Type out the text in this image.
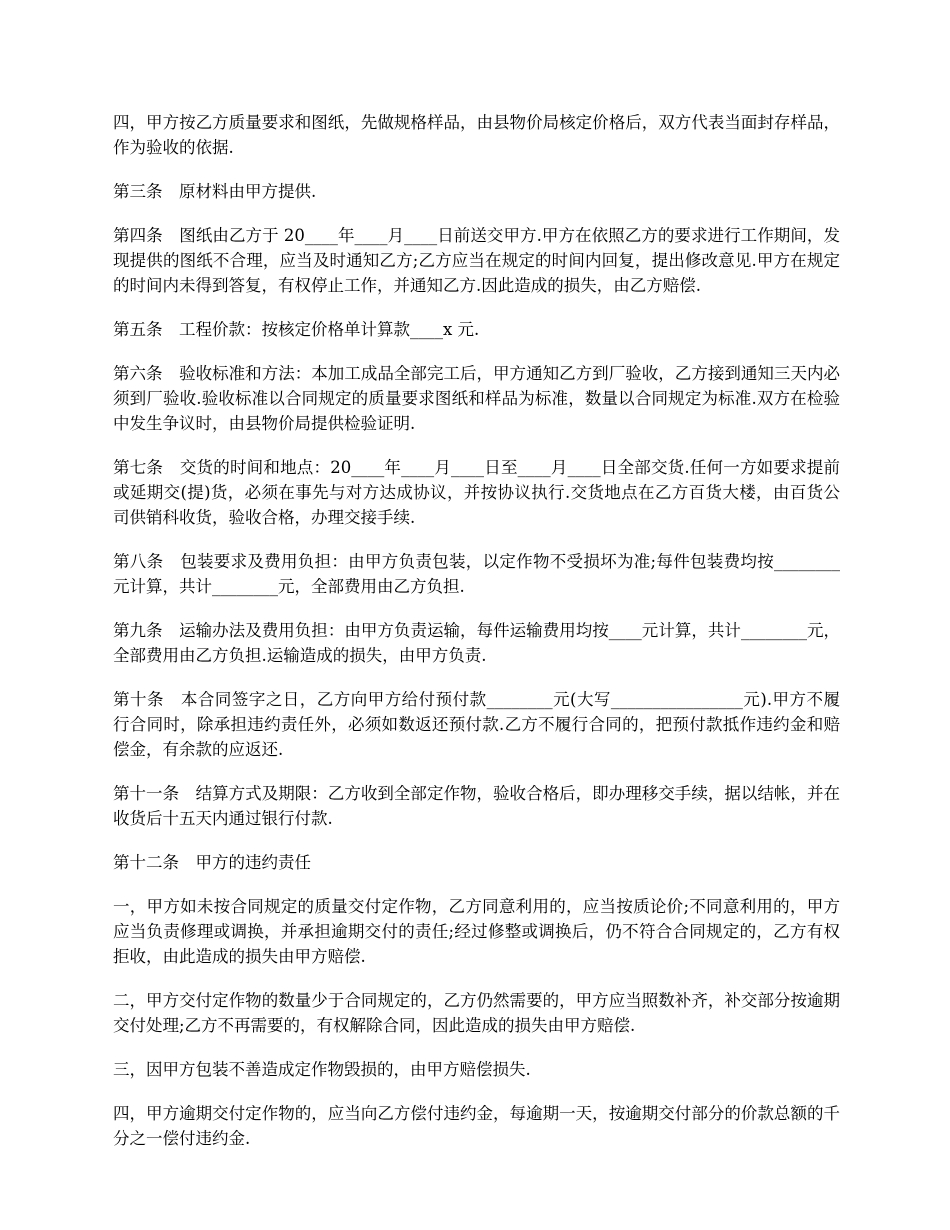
四，甲方按乙方质量要求和图纸，先做规格样品，由县物价局核定价格后，双方代表当面封存样品，作为验收的依据.

第三条　原材料由甲方提供.

第四条　图纸由乙方于 20____年____月____日前送交甲方.甲方在依照乙方的要求进行工作期间，发现提供的图纸不合理，应当及时通知乙方;乙方应当在规定的时间内回复，提出修改意见.甲方在规定的时间内未得到答复，有权停止工作，并通知乙方.因此造成的损失，由乙方赔偿.

第五条　工程价款：按核定价格单计算款____x 元.

第六条　验收标准和方法：本加工成品全部完工后，甲方通知乙方到厂验收，乙方接到通知三天内必须到厂验收.验收标准以合同规定的质量要求图纸和样品为标准，数量以合同规定为标准.双方在检验中发生争议时，由县物价局提供检验证明.

第七条　交货的时间和地点：20____年____月____日至____月____日全部交货.任何一方如要求提前或延期交(提)货，必须在事先与对方达成协议，并按协议执行.交货地点在乙方百货大楼，由百货公司供销科收货，验收合格，办理交接手续.

第八条　包装要求及费用负担：由甲方负责包装，以定作物不受损坏为准;每件包装费均按________元计算，共计________元，全部费用由乙方负担.

第九条　运输办法及费用负担：由甲方负责运输，每件运输费用均按____元计算，共计________元，全部费用由乙方负担.运输造成的损失，由甲方负责.

第十条　本合同签字之日，乙方向甲方给付预付款________元(大写________________元).甲方不履行合同时，除承担违约责任外，必须如数返还预付款.乙方不履行合同的，把预付款抵作违约金和赔偿金，有余款的应返还.

第十一条　结算方式及期限：乙方收到全部定作物，验收合格后，即办理移交手续，据以结帐，并在收货后十五天内通过银行付款.

第十二条　甲方的违约责任

一，甲方如未按合同规定的质量交付定作物，乙方同意利用的，应当按质论价;不同意利用的，甲方应当负责修理或调换，并承担逾期交付的责任;经过修整或调换后，仍不符合合同规定的，乙方有权拒收，由此造成的损失由甲方赔偿.

二，甲方交付定作物的数量少于合同规定的，乙方仍然需要的，甲方应当照数补齐，补交部分按逾期交付处理;乙方不再需要的，有权解除合同，因此造成的损失由甲方赔偿.

三，因甲方包装不善造成定作物毁损的，由甲方赔偿损失.

四，甲方逾期交付定作物的，应当向乙方偿付违约金，每逾期一天，按逾期交付部分的价款总额的千分之一偿付违约金.
